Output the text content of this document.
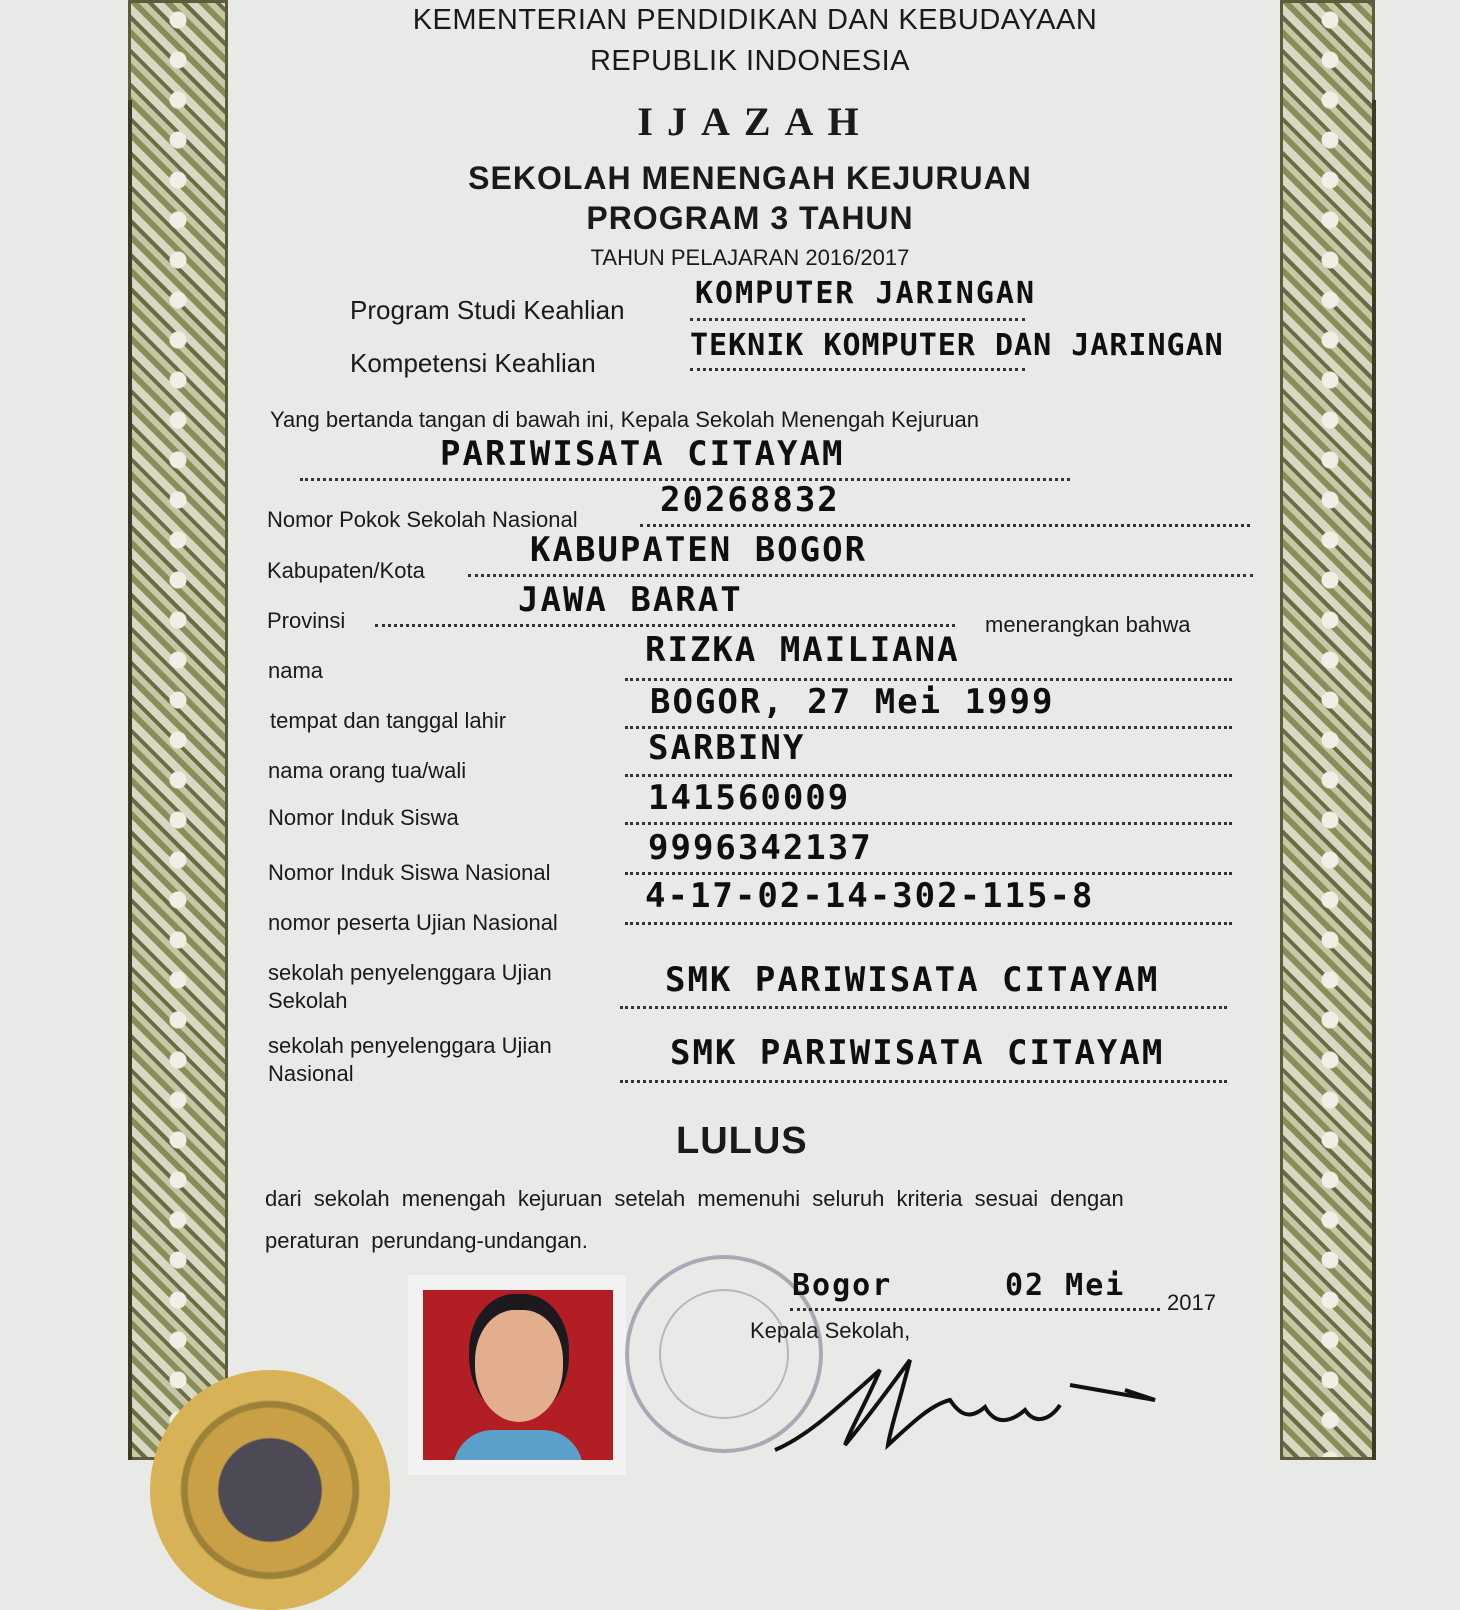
KEMENTERIAN PENDIDIKAN DAN KEBUDAYAAN
REPUBLIK INDONESIA
IJAZAH
SEKOLAH MENENGAH KEJURUAN
PROGRAM 3 TAHUN
TAHUN PELAJARAN 2016/2017
Program Studi Keahlian KOMPUTER JARINGAN
Kompetensi Keahlian	TEKNIK KOMPUTER DAN JARINGAN
Yang bertanda tangan di bawah ini, Kepala Sekolah Menengah Kejuruan
PARIWISATA CITAYAM
Nomor Pokok Sekolah Nasional 20268832
Kabupaten/Kota
KABUPATEN BOGOR
Provinsi
JAWA BARAT
menerangkan bahwa
nama
RIZKA MAILIANA
tempat dan tanggal lahir	BOGOR, 27 Mei 1999
nama orang tua/wali
SARBINY
Nomor Induk Siswa	141560009
Nomor Induk Siswa Nasional
9996342137
nomor peserta Ujian Nasional
4-17-02-14-302-115-8
sekolah penyelenggara Ujian
Sekolah
SMK PARIWISATA CITAYAM
sekolah penyelenggara Ujian
Nasional
SMK PARIWISATA CITAYAM
LULUS
dari sekolah menengah kejuruan setelah memenuhi seluruh kriteria sesuai dengan
peraturan perundang-undangan.
Bogor	02 Mei 2017
Kepala Sekolah,
